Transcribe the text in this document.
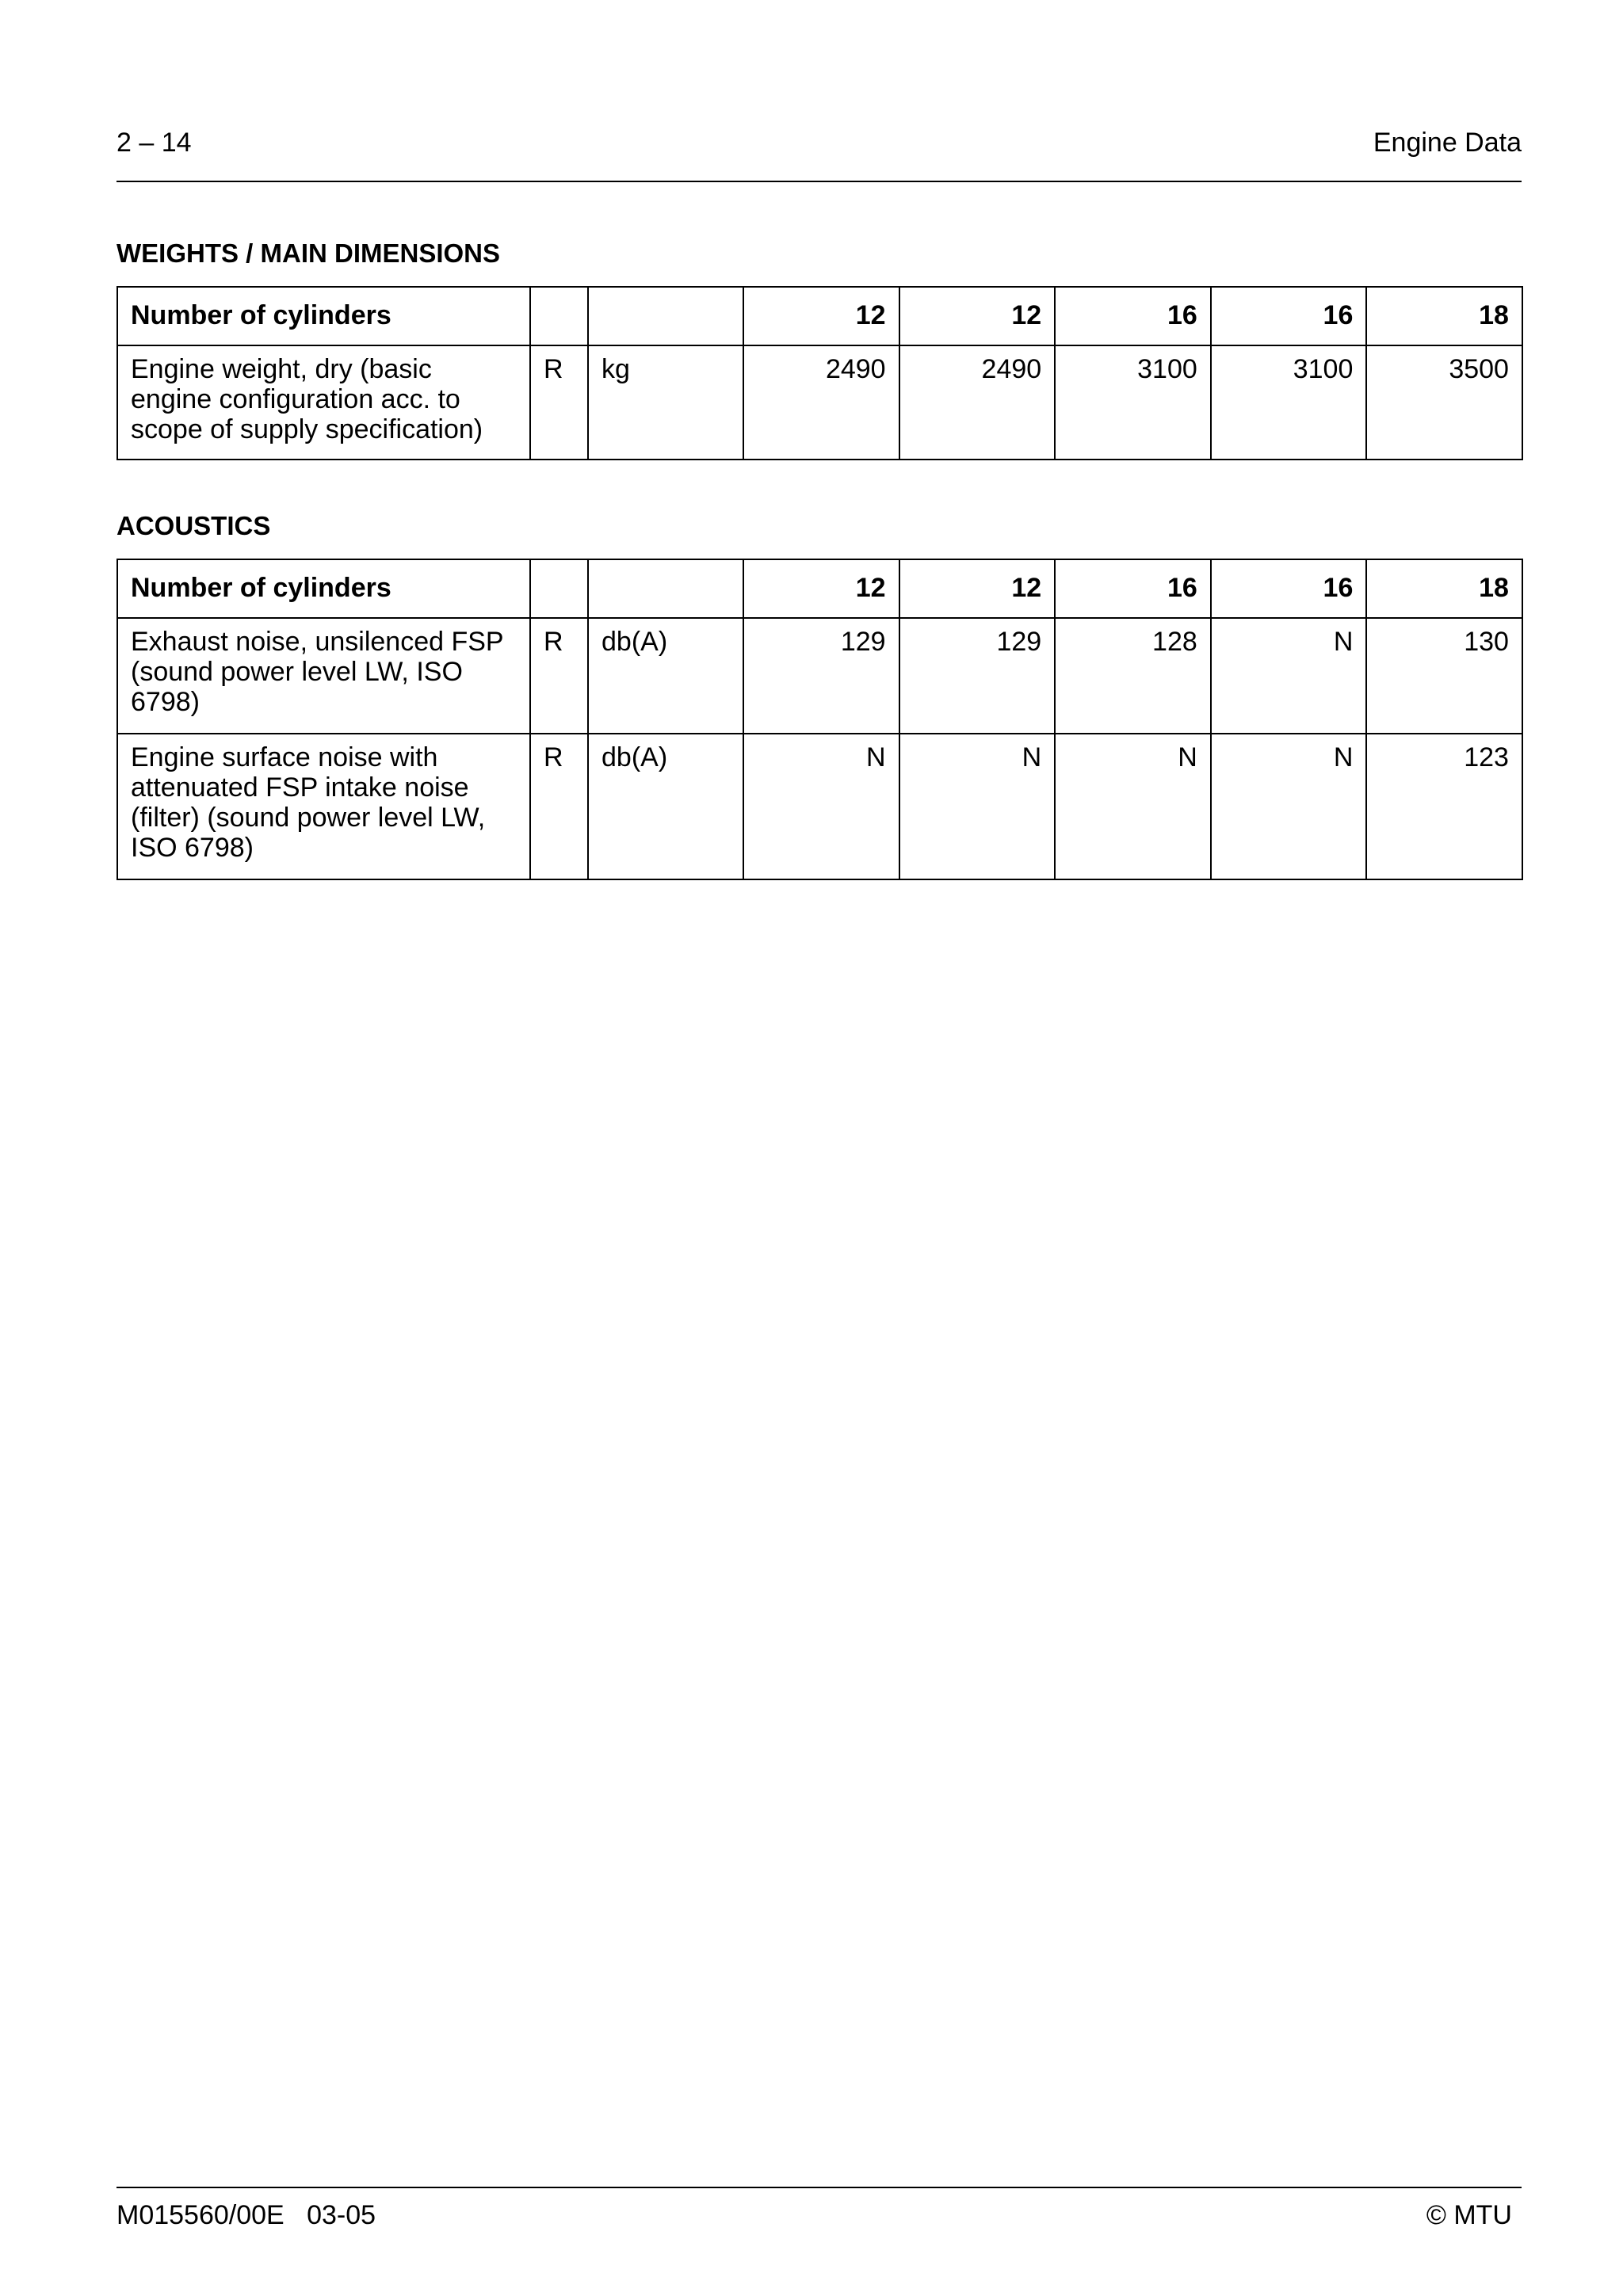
2 – 14	Engine Data
WEIGHTS / MAIN DIMENSIONS
Number of cylinders			12	12	16	16	18
Engine weight, dry (basic engine configuration acc. to scope of supply specification)	R	kg	2490	2490	3100	3100	3500
ACOUSTICS
Number of cylinders			12	12	16	16	18
Exhaust noise, unsilenced FSP (sound power level LW, ISO 6798)	R	db(A)	129	129	128	N	130
Engine surface noise with attenuated FSP intake noise (filter) (sound power level LW, ISO 6798)	R	db(A)	N	N	N	N	123
M015560/00E 03-05	© MTU
